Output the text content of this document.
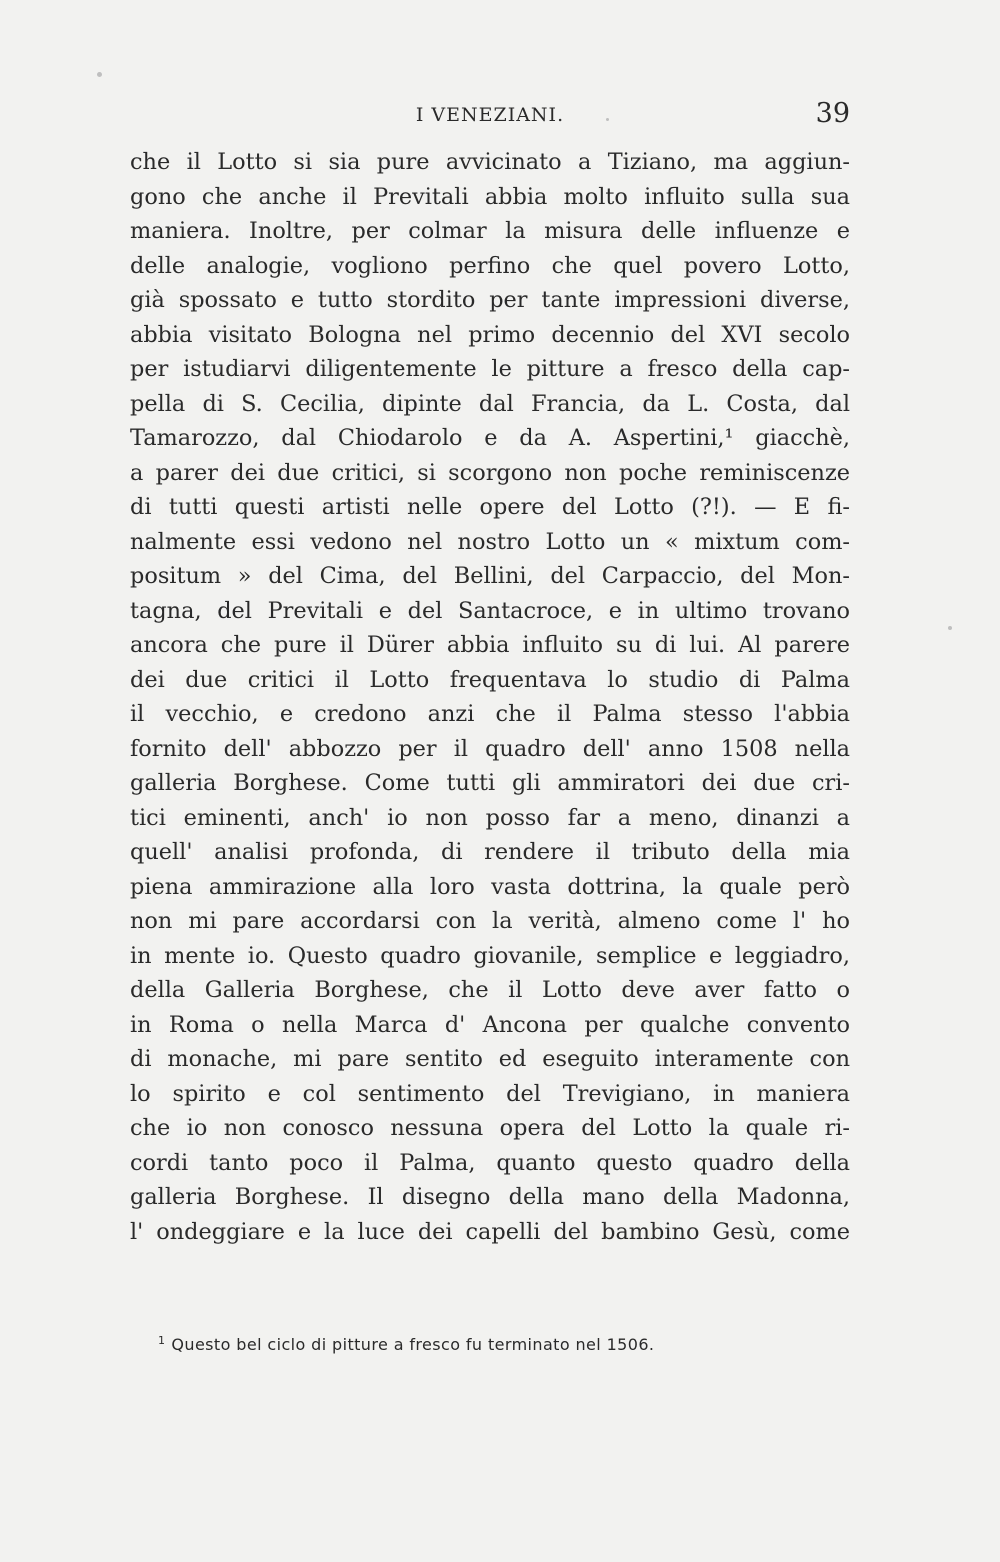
I VENEZIANI.	39
che il Lotto si sia pure avvicinato a Tiziano, ma aggiun-
gono che anche il Previtali abbia molto influito sulla sua
maniera. Inoltre, per colmar la misura delle influenze e
delle analogie, vogliono perfino che quel povero Lotto,
già spossato e tutto stordito per tante impressioni diverse,
abbia visitato Bologna nel primo decennio del XVI secolo
per istudiarvi diligentemente le pitture a fresco della cap-
pella di S. Cecilia, dipinte dal Francia, da L. Costa, dal
Tamarozzo, dal Chiodarolo e da A. Aspertini,¹ giacchè,
a parer dei due critici, si scorgono non poche reminiscenze
di tutti questi artisti nelle opere del Lotto (?!). — E fi-
nalmente essi vedono nel nostro Lotto un « mixtum com-
positum » del Cima, del Bellini, del Carpaccio, del Mon-
tagna, del Previtali e del Santacroce, e in ultimo trovano
ancora che pure il Dürer abbia influito su di lui. Al parere
dei due critici il Lotto frequentava lo studio di Palma
il vecchio, e credono anzi che il Palma stesso l'abbia
fornito dell' abbozzo per il quadro dell' anno 1508 nella
galleria Borghese. Come tutti gli ammiratori dei due cri-
tici eminenti, anch' io non posso far a meno, dinanzi a
quell' analisi profonda, di rendere il tributo della mia
piena ammirazione alla loro vasta dottrina, la quale però
non mi pare accordarsi con la verità, almeno come l' ho
in mente io. Questo quadro giovanile, semplice e leggiadro,
della Galleria Borghese, che il Lotto deve aver fatto o
in Roma o nella Marca d' Ancona per qualche convento
di monache, mi pare sentito ed eseguito interamente con
lo spirito e col sentimento del Trevigiano, in maniera
che io non conosco nessuna opera del Lotto la quale ri-
cordi tanto poco il Palma, quanto questo quadro della
galleria Borghese. Il disegno della mano della Madonna,
l' ondeggiare e la luce dei capelli del bambino Gesù, come
$^1$ Questo bel ciclo di pitture a fresco fu terminato nel 1506.
